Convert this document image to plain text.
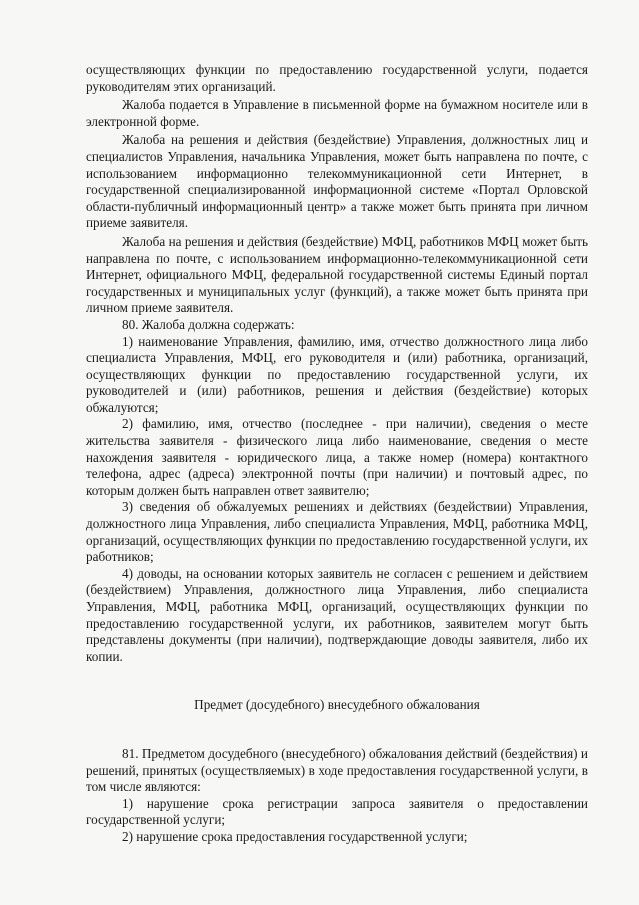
осуществляющих функции по предоставлению государственной услуги, подается руководителям этих организаций.

Жалоба подается в Управление в письменной форме на бумажном носителе или в электронной форме.

Жалоба на решения и действия (бездействие) Управления, должностных лиц и специалистов Управления, начальника Управления, может быть направлена по почте, с использованием информационно телекоммуникационной сети Интернет, в государственной специализированной информационной системе «Портал Орловской области-публичный информационный центр» а также может быть принята при личном приеме заявителя.

Жалоба на решения и действия (бездействие) МФЦ, работников МФЦ может быть направлена по почте, с использованием информационно-телекоммуникационной сети Интернет, официального МФЦ, федеральной государственной системы Единый портал государственных и муниципальных услуг (функций), а также может быть принята при личном приеме заявителя.

80. Жалоба должна содержать:

1) наименование Управления, фамилию, имя, отчество должностного лица либо специалиста Управления, МФЦ, его руководителя и (или) работника, организаций, осуществляющих функции по предоставлению государственной услуги, их руководителей и (или) работников, решения и действия (бездействие) которых обжалуются;

2) фамилию, имя, отчество (последнее - при наличии), сведения о месте жительства заявителя - физического лица либо наименование, сведения о месте нахождения заявителя - юридического лица, а также номер (номера) контактного телефона, адрес (адреса) электронной почты (при наличии) и почтовый адрес, по которым должен быть направлен ответ заявителю;

3) сведения об обжалуемых решениях и действиях (бездействии) Управления, должностного лица Управления, либо специалиста Управления, МФЦ, работника МФЦ, организаций, осуществляющих функции по предоставлению государственной услуги, их работников;

4) доводы, на основании которых заявитель не согласен с решением и действием (бездействием) Управления, должностного лица Управления, либо специалиста Управления, МФЦ, работника МФЦ, организаций, осуществляющих функции по предоставлению государственной услуги, их работников, заявителем могут быть представлены документы (при наличии), подтверждающие доводы заявителя, либо их копии.

Предмет (досудебного) внесудебного обжалования

81. Предметом досудебного (внесудебного) обжалования действий (бездействия) и решений, принятых (осуществляемых) в ходе предоставления государственной услуги, в том числе являются:

1) нарушение срока регистрации запроса заявителя о предоставлении государственной услуги;

2) нарушение срока предоставления государственной услуги;
